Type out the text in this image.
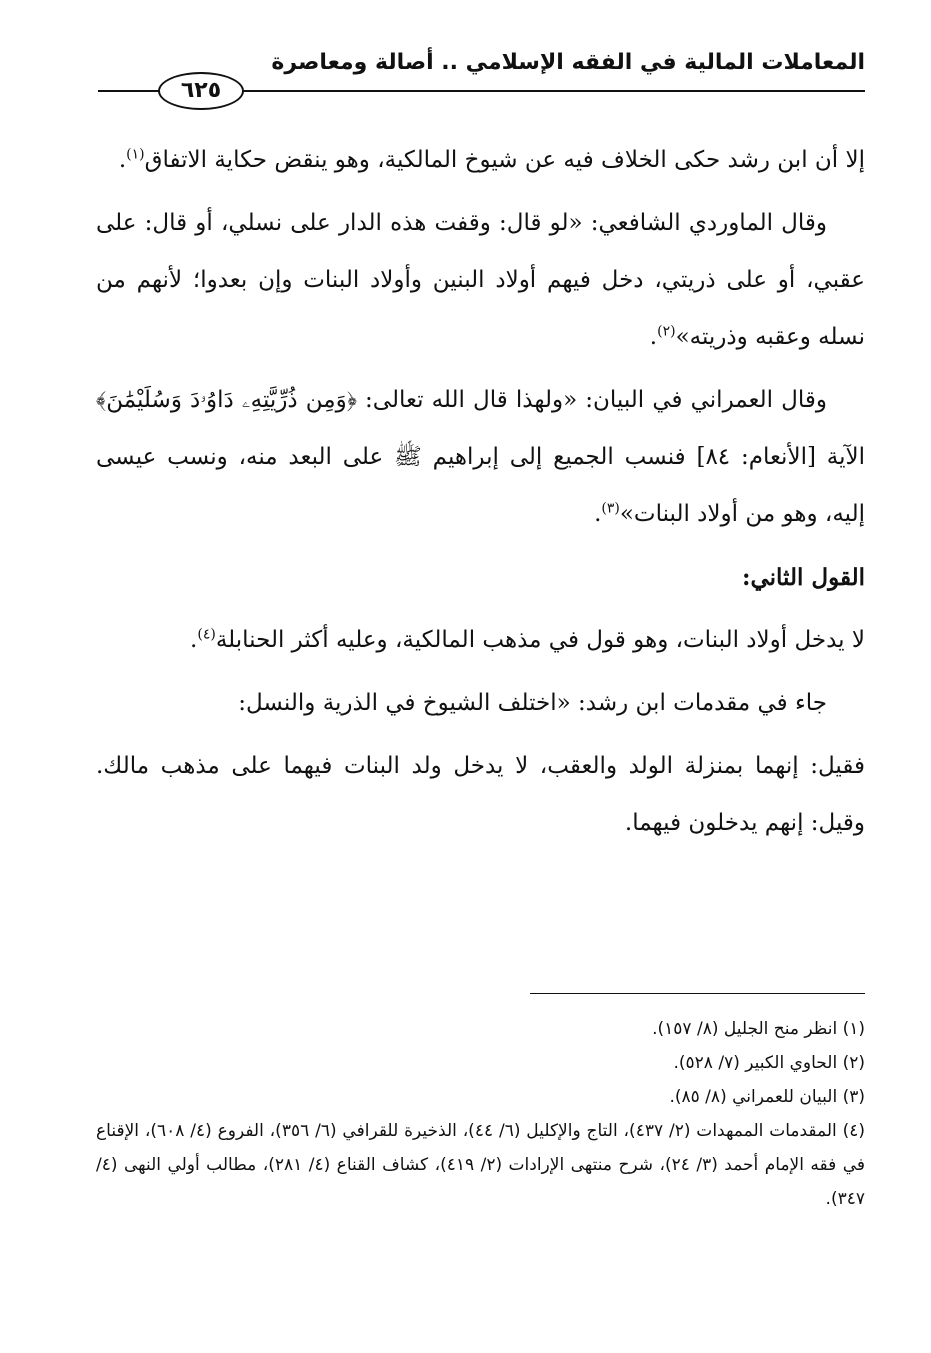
المعاملات المالية في الفقه الإسلامي .. أصالة ومعاصرة
٦٢٥

إلا أن ابن رشد حكى الخلاف فيه عن شيوخ المالكية، وهو ينقض حكاية الاتفاق$^{(١)}$.

وقال الماوردي الشافعي: «لو قال: وقفت هذه الدار على نسلي، أو قال: على عقبي، أو على ذريتي، دخل فيهم أولاد البنين وأولاد البنات وإن بعدوا؛ لأنهم من نسله وعقبه وذريته»$^{(٢)}$.

وقال العمراني في البيان: «ولهذا قال الله تعالى: ﴿وَمِن ذُرِّيَّتِهِۦ دَاوُۥدَ وَسُلَيْمَٰنَ﴾ الآية [الأنعام: ٨٤] فنسب الجميع إلى إبراهيم ﷺ على البعد منه، ونسب عيسى إليه، وهو من أولاد البنات»$^{(٣)}$.

القول الثاني:

لا يدخل أولاد البنات، وهو قول في مذهب المالكية، وعليه أكثر الحنابلة$^{(٤)}$.

جاء في مقدمات ابن رشد: «اختلف الشيوخ في الذرية والنسل:

فقيل: إنهما بمنزلة الولد والعقب، لا يدخل ولد البنات فيهما على مذهب مالك. وقيل: إنهم يدخلون فيهما.

(١) انظر منح الجليل (٨/ ١٥٧).

(٢) الحاوي الكبير (٧/ ٥٢٨).

(٣) البيان للعمراني (٨/ ٨٥).

(٤) المقدمات الممهدات (٢/ ٤٣٧)، التاج والإكليل (٦/ ٤٤)، الذخيرة للقرافي (٦/ ٣٥٦)، الفروع (٤/ ٦٠٨)، الإقناع في فقه الإمام أحمد (٣/ ٢٤)، شرح منتهى الإرادات (٢/ ٤١٩)، كشاف القناع (٤/ ٢٨١)، مطالب أولي النهى (٤/ ٣٤٧).
